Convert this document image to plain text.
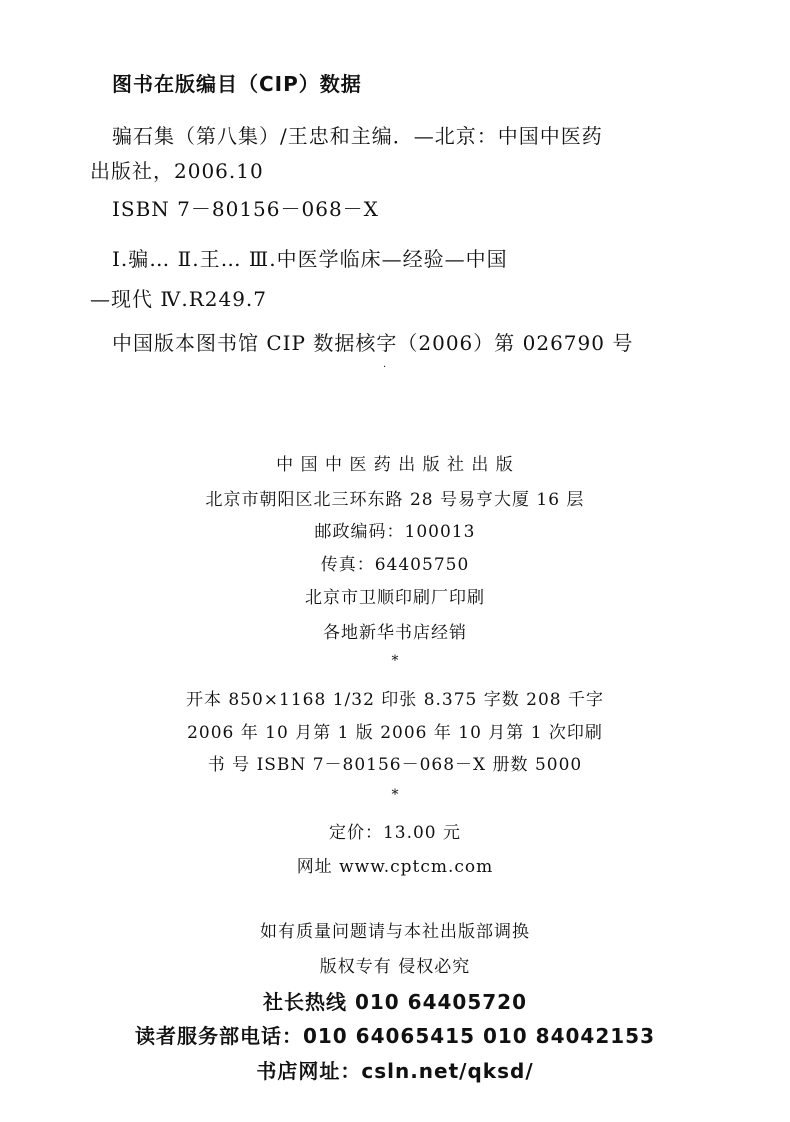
图书在版编目（CIP）数据
骗石集（第八集）/王忠和主编．—北京：中国中医药
出版社，2006.10
ISBN 7－80156－068－X
Ⅰ.骗… Ⅱ.王… Ⅲ.中医学临床—经验—中国
—现代 Ⅳ.R249.7
中国版本图书馆 CIP 数据核字（2006）第 026790 号
·
中 国 中 医 药 出 版 社 出 版
北京市朝阳区北三环东路 28 号易亨大厦 16 层
邮政编码：100013
传真：64405750
北京市卫顺印刷厂印刷
各地新华书店经销
*
开本 850×1168 1/32 印张 8.375 字数 208 千字
2006 年 10 月第 1 版 2006 年 10 月第 1 次印刷
书 号 ISBN 7－80156－068－X 册数 5000
*
定价：13.00 元
网址 www.cptcm.com
如有质量问题请与本社出版部调换
版权专有 侵权必究
社长热线 010 64405720
读者服务部电话：010 64065415 010 84042153
书店网址：csln.net/qksd/
